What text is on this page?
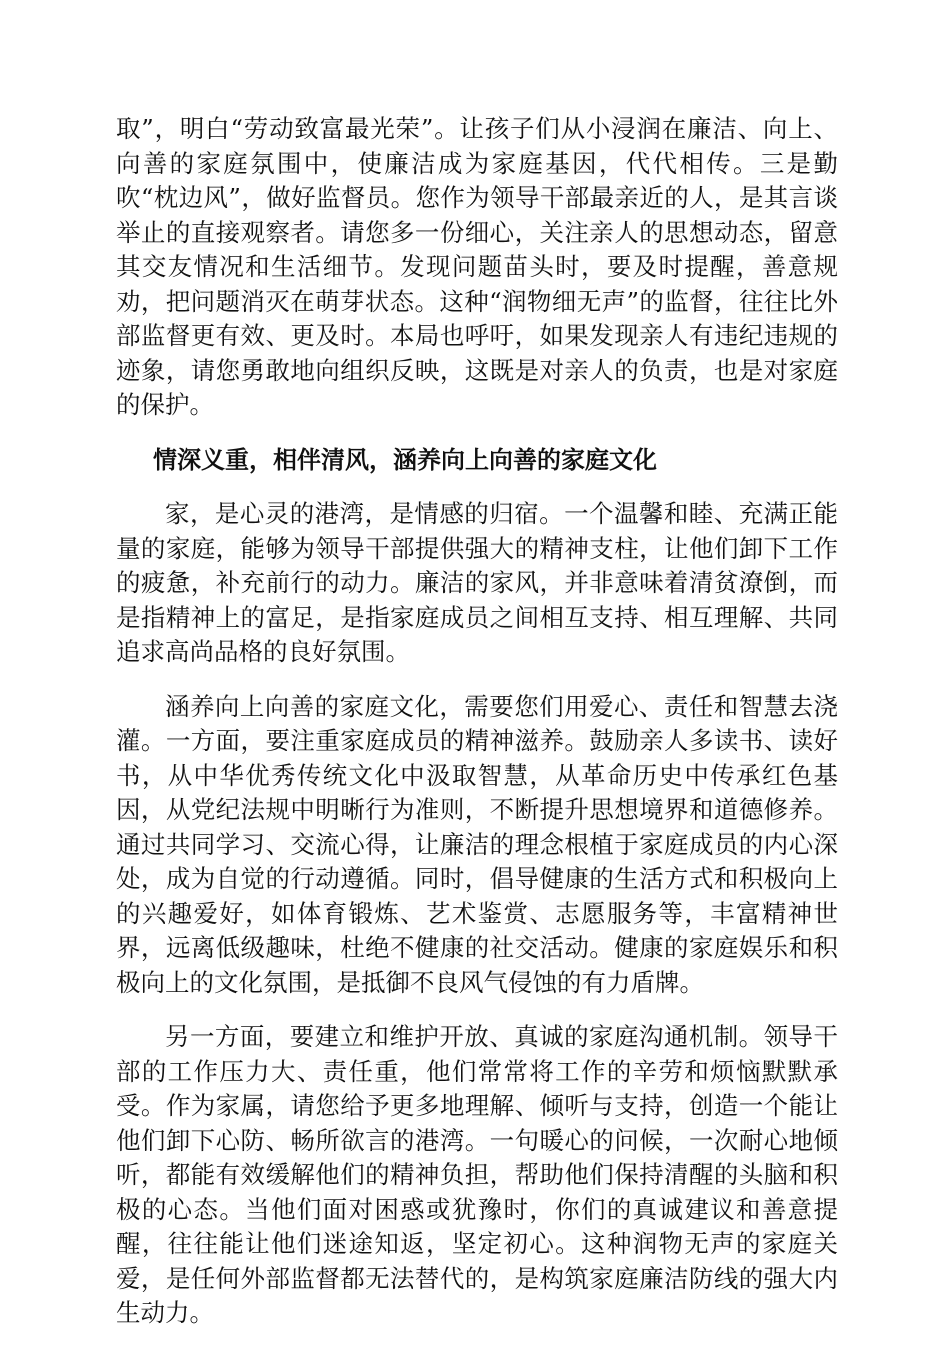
取”，明白“劳动致富最光荣”。让孩子们从小浸润在廉洁、向上、向善的家庭氛围中，使廉洁成为家庭基因，代代相传。三是勤吹“枕边风”，做好监督员。您作为领导干部最亲近的人，是其言谈举止的直接观察者。请您多一份细心，关注亲人的思想动态，留意其交友情况和生活细节。发现问题苗头时，要及时提醒，善意规劝，把问题消灭在萌芽状态。这种“润物细无声”的监督，往往比外部监督更有效、更及时。本局也呼吁，如果发现亲人有违纪违规的迹象，请您勇敢地向组织反映，这既是对亲人的负责，也是对家庭的保护。

情深义重，相伴清风，涵养向上向善的家庭文化

家，是心灵的港湾，是情感的归宿。一个温馨和睦、充满正能量的家庭，能够为领导干部提供强大的精神支柱，让他们卸下工作的疲惫，补充前行的动力。廉洁的家风，并非意味着清贫潦倒，而是指精神上的富足，是指家庭成员之间相互支持、相互理解、共同追求高尚品格的良好氛围。

涵养向上向善的家庭文化，需要您们用爱心、责任和智慧去浇灌。一方面，要注重家庭成员的精神滋养。鼓励亲人多读书、读好书，从中华优秀传统文化中汲取智慧，从革命历史中传承红色基因，从党纪法规中明晰行为准则，不断提升思想境界和道德修养。通过共同学习、交流心得，让廉洁的理念根植于家庭成员的内心深处，成为自觉的行动遵循。同时，倡导健康的生活方式和积极向上的兴趣爱好，如体育锻炼、艺术鉴赏、志愿服务等，丰富精神世界，远离低级趣味，杜绝不健康的社交活动。健康的家庭娱乐和积极向上的文化氛围，是抵御不良风气侵蚀的有力盾牌。

另一方面，要建立和维护开放、真诚的家庭沟通机制。领导干部的工作压力大、责任重，他们常常将工作的辛劳和烦恼默默承受。作为家属，请您给予更多地理解、倾听与支持，创造一个能让他们卸下心防、畅所欲言的港湾。一句暖心的问候，一次耐心地倾听，都能有效缓解他们的精神负担，帮助他们保持清醒的头脑和积极的心态。当他们面对困惑或犹豫时，你们的真诚建议和善意提醒，往往能让他们迷途知返，坚定初心。这种润物无声的家庭关爱，是任何外部监督都无法替代的，是构筑家庭廉洁防线的强大内生动力。
